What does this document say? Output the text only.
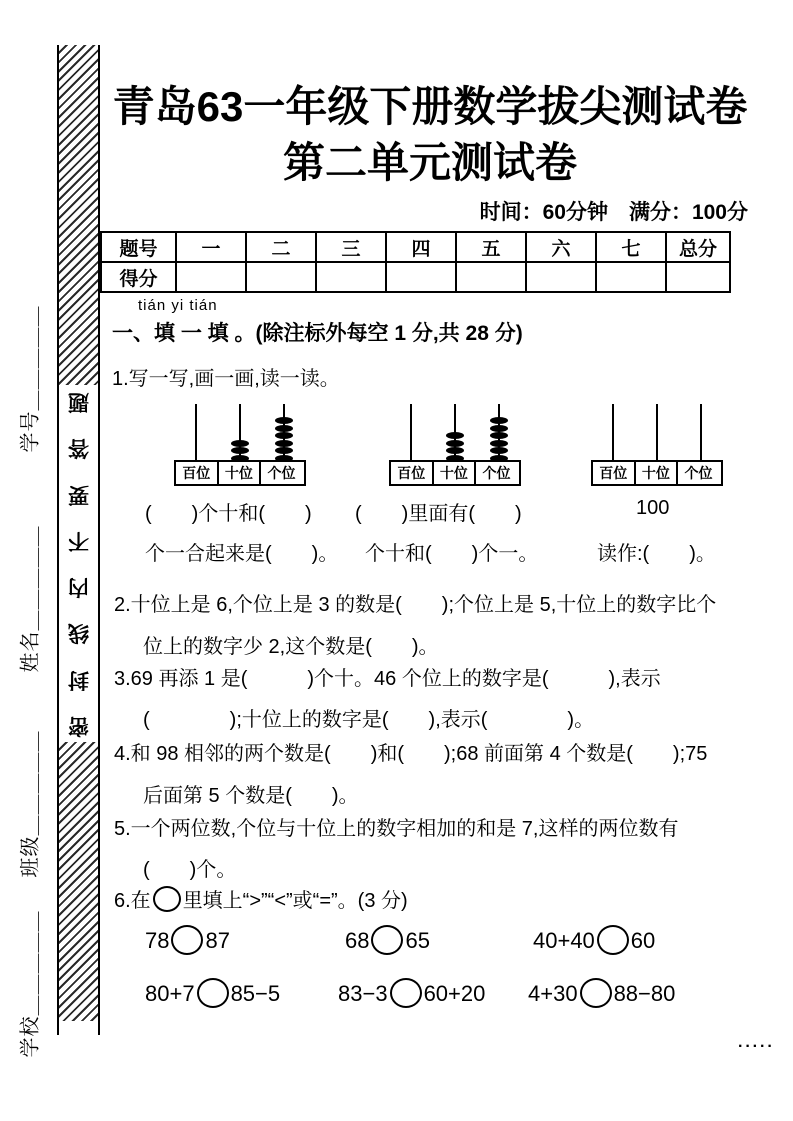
学号＿＿＿＿＿
姓名＿＿＿＿＿
班级＿＿＿＿＿
学校＿＿＿＿＿
题
答
要
不
内
线
封
密
青岛63一年级下册数学拔尖测试卷
第二单元测试卷
时间：60分钟　满分：100分
题号	一	二	三	四	五	六	七	总分
得分								
tián yi tián
一、填 一 填 。(除注标外每空 1 分,共 28 分)
1.写一写,画一画,读一读。
百位	十位	个位	百位	十位	个位	百位	十位	个位
(　　)个十和(　　) (　　)里面有(　　)	100
个一合起来是(　　)。 个十和(　　)个一。	读作:(　　)。
2.十位上是 6,个位上是 3 的数是(　　);个位上是 5,十位上的数字比个
位上的数字少 2,这个数是(　　)。
3.69 再添 1 是(　　　)个十。46 个位上的数字是(　　　),表示
(　　　　);十位上的数字是(　　),表示(　　　　)。
4.和 98 相邻的两个数是(　　)和(　　);68 前面第 4 个数是(　　);75
后面第 5 个数是(　　)。
5.一个两位数,个位与十位上的数字相加的和是 7,这样的两位数有
(　　)个。
6.在 里填上“>”“<”或“=”。(3 分)
78 87	68 65	40+40 60
80+7 85−5	83−3 60+20 4+30 88−80
·····
